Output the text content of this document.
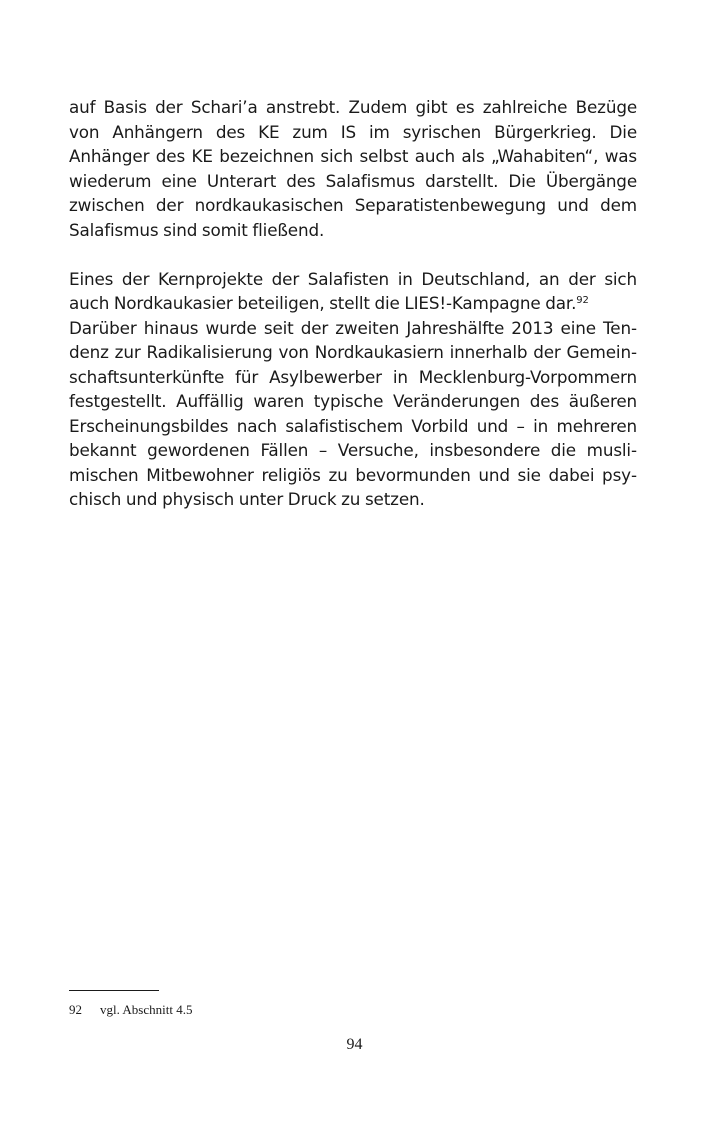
auf Basis der Schari’a anstrebt. Zudem gibt es zahlreiche Bezüge von Anhängern des KE zum IS im syrischen Bürgerkrieg. Die Anhänger des KE bezeichnen sich selbst auch als „Wahabiten“, was wiederum eine Unterart des Salafismus darstellt. Die Übergänge zwischen der nordkaukasischen Separatistenbewegung und dem Salafismus sind somit fließend.

Eines der Kernprojekte der Salafisten in Deutschland, an der sich auch Nordkaukasier beteiligen, stellt die LIES!-Kampagne dar.$^{92}$

Darüber hinaus wurde seit der zweiten Jahreshälfte 2013 eine Tendenz zur Radikalisierung von Nordkaukasiern innerhalb der Gemeinschaftsunterkünfte für Asylbewerber in Mecklenburg-Vorpommern festgestellt. Auffällig waren typische Veränderungen des äußeren Erscheinungsbildes nach salafistischem Vorbild und – in mehreren bekannt gewordenen Fällen – Versuche, insbesondere die muslimischen Mitbewohner religiös zu bevormunden und sie dabei psychisch und physisch unter Druck zu setzen.

92 vgl. Abschnitt 4.5
94
